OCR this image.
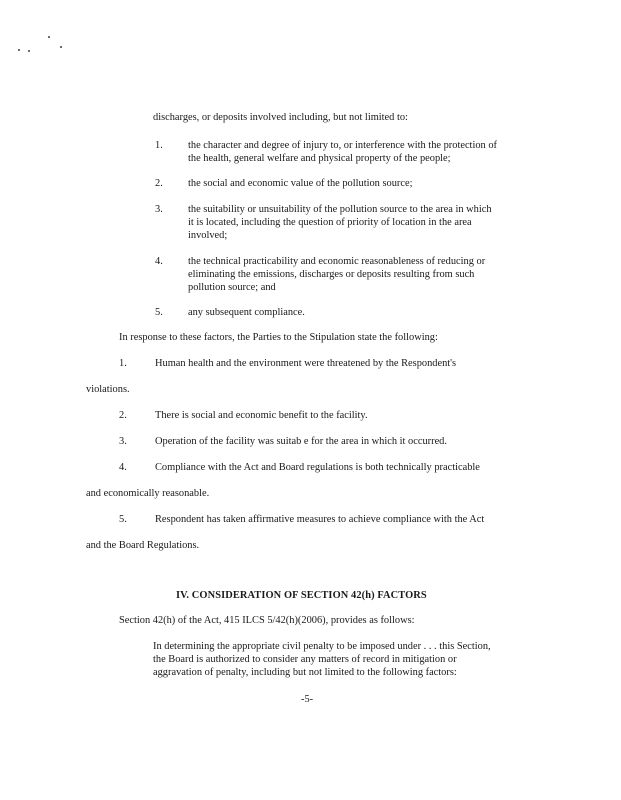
discharges, or deposits involved including, but not limited to:
1.	the character and degree of injury to, or interference with the protection of
the health, general welfare and physical property of the people;
2.	the social and economic value of the pollution source;
3.	the suitability or unsuitability of the pollution source to the area in which
it is located, including the question of priority of location in the area
involved;
4.	the technical practicability and economic reasonableness of reducing or
eliminating the emissions, discharges or deposits resulting from such
pollution source; and
5.	any subsequent compliance.
In response to these factors, the Parties to the Stipulation state the following:
1.	Human health and the environment were threatened by the Respondent's
violations.
2.	There is social and economic benefit to the facility.
3.	Operation of the facility was suitab e for the area in which it occurred.
4.	Compliance with the Act and Board regulations is both technically practicable
and economically reasonable.
5.	Respondent has taken affirmative measures to achieve compliance with the Act
and the Board Regulations.
IV. CONSIDERATION OF SECTION 42(h) FACTORS
Section 42(h) of the Act, 415 ILCS 5/42(h)(2006), provides as follows:
In determining the appropriate civil penalty to be imposed under . . . this Section,
the Board is authorized to consider any matters of record in mitigation or
aggravation of penalty, including but not limited to the following factors:
-5-
